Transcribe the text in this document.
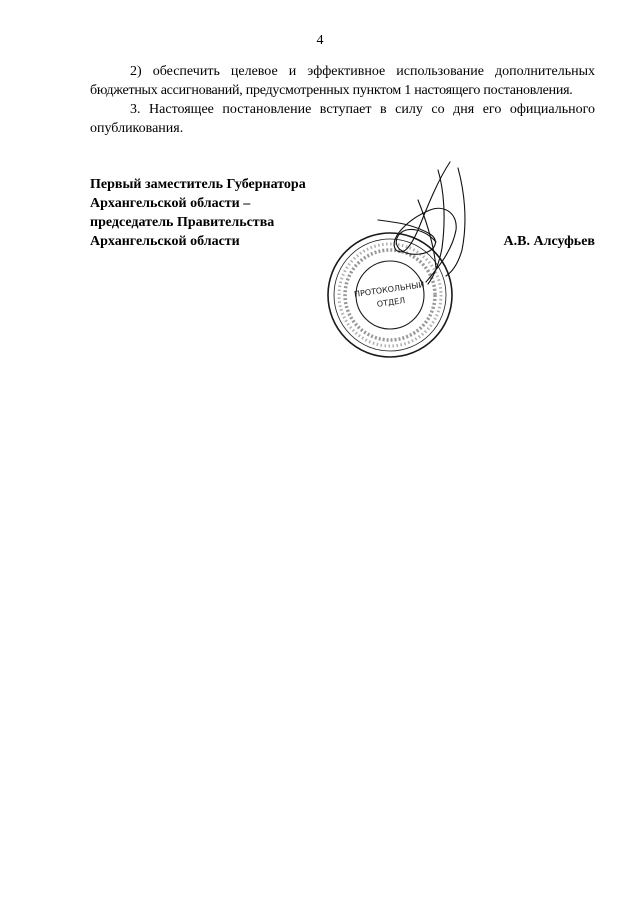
4

2) обеспечить целевое и эффективное использование дополнительных

бюджетных ассигнований, предусмотренных пунктом 1 настоящего постановления.

3. Настоящее постановление вступает в силу со дня его официального

опубликования.
Первый заместитель Губернатора
Архангельской области –
председатель Правительства
Архангельской области	А.В. Алсуфьев
ПРОТОКОЛЬНЫЙ
ОТДЕЛ
